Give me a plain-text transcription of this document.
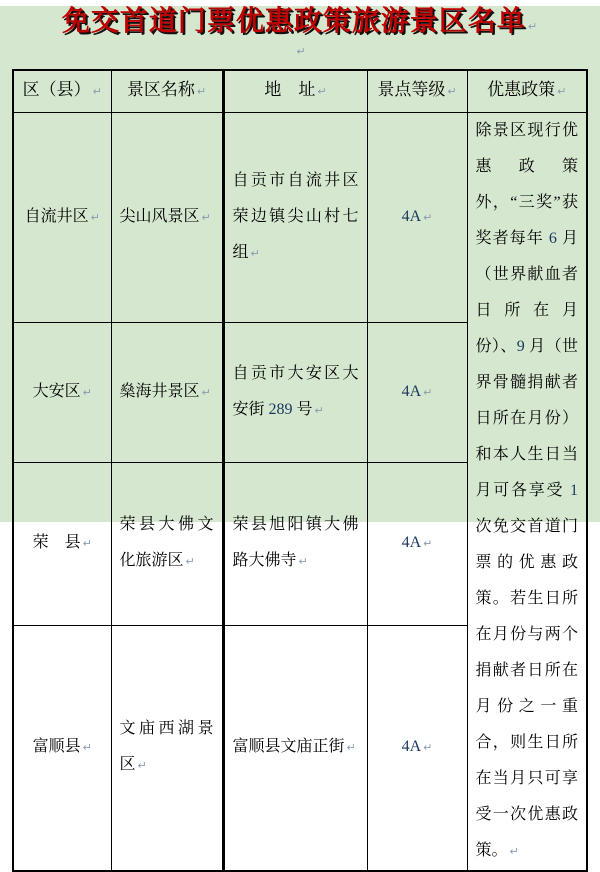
免交首道门票优惠政策旅游景区名单 ↵
↵
区（县） ↵	景区名称 ↵	地　址 ↵	景点等级 ↵	优惠政策 ↵
自流井区 ↵	尖山风景区 ↵	自贡市自流井区荣边镇尖山村七组 ↵	4A ↵	除景区现行优惠政策外，“三奖”获奖者每年 6 月（世界献血者日所在月份）、9 月（世界骨髓捐献者日所在月份）和本人生日当月可各享受 1 次免交首道门票的优惠政策。若生日所在月份与两个捐献者日所在月份之一重合，则生日所在当月只可享受一次优惠政策。 ↵
大安区 ↵	燊海井景区 ↵	自贡市大安区大安街 289 号 ↵	4A ↵	
荣　县 ↵	荣县大佛文化旅游区 ↵	荣县旭阳镇大佛路大佛寺 ↵	4A ↵	
富顺县 ↵	文庙西湖景区 ↵	富顺县文庙正街 ↵	4A ↵	
